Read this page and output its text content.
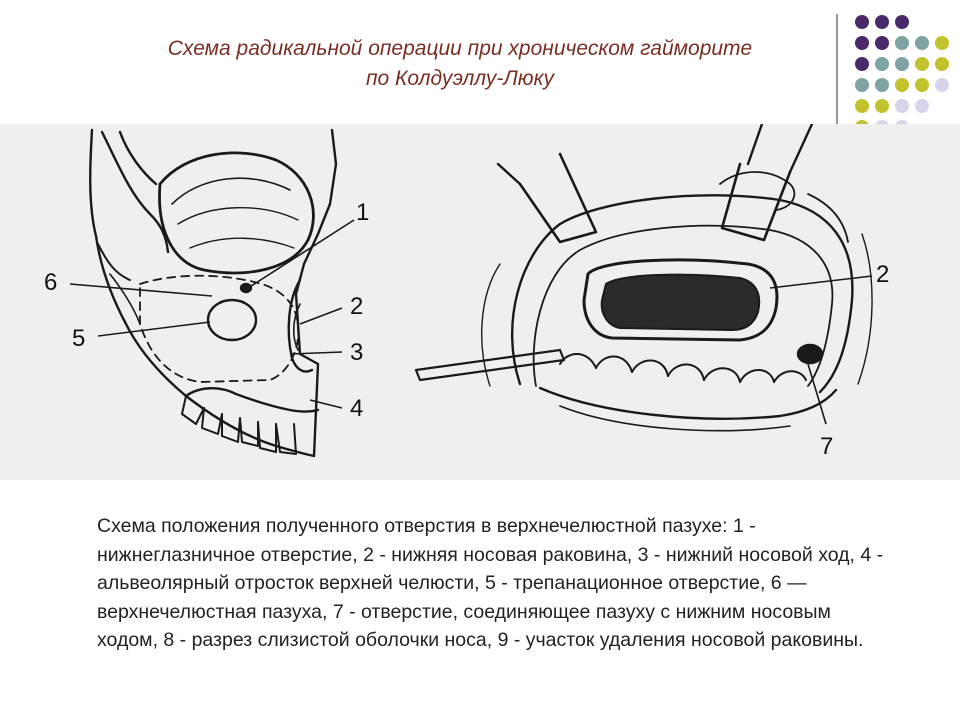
Схема радикальной операции при хроническом гайморите
по Колдуэллу-Люку
1
6
5
2
3
4
2
7
Схема положения полученного отверстия в верхнечелюстной пазухе: 1 - нижнеглазничное отверстие, 2 - нижняя носовая раковина, 3 - нижний носовой ход, 4 - альвеолярный отросток верхней челюсти, 5 - трепанационное отверстие, 6 — верхнечелюстная пазуха, 7 - отверстие, соединяющее пазуху с нижним носовым ходом, 8 - разрез слизистой оболочки носа, 9 - участок удаления носовой раковины.
